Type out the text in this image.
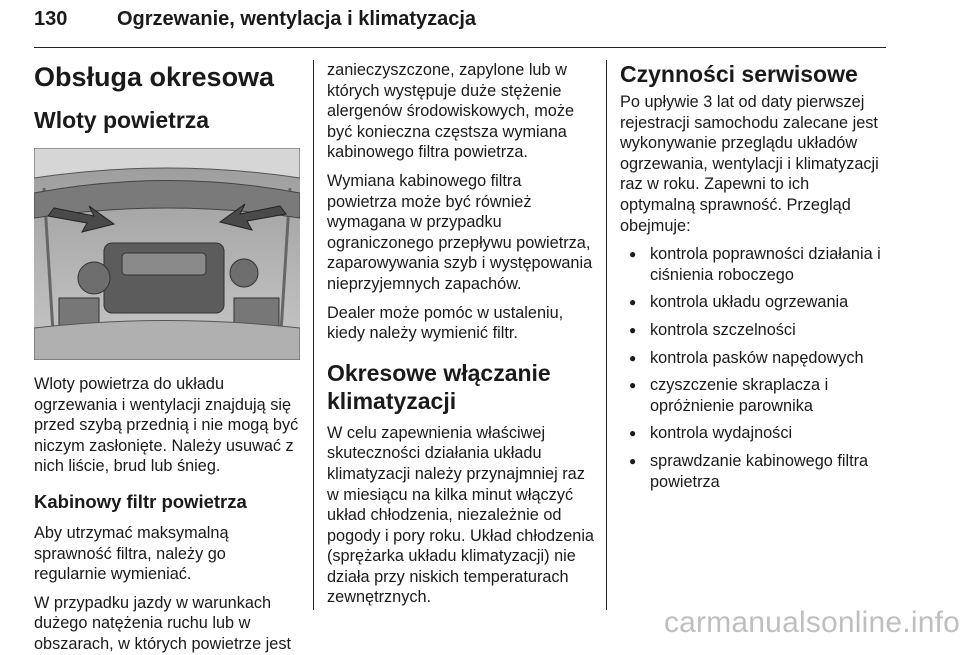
130 Ogrzewanie, wentylacja i klimatyzacja
Obsługa okresowa
Wloty powietrza

Wloty powietrza do układu ogrzewania i wentylacji znajdują się przed szybą przednią i nie mogą być niczym zasłonięte. Należy usuwać z nich liście, brud lub śnieg.

Kabinowy filtr powietrza

Aby utrzymać maksymalną sprawność filtra, należy go regularnie wymieniać.

W przypadku jazdy w warunkach dużego natężenia ruchu lub w obszarach, w których powietrze jest

zanieczyszczone, zapylone lub w których występuje duże stężenie alergenów środowiskowych, może być konieczna częstsza wymiana kabinowego filtra powietrza.

Wymiana kabinowego filtra powietrza może być również wymagana w przypadku ograniczonego przepływu powietrza, zaparowywania szyb i występowania nieprzyjemnych zapachów.

Dealer może pomóc w ustaleniu, kiedy należy wymienić filtr.

Okresowe włączanie klimatyzacji

W celu zapewnienia właściwej skuteczności działania układu klimatyzacji należy przynajmniej raz w miesiącu na kilka minut włączyć układ chłodzenia, niezależnie od pogody i pory roku. Układ chłodzenia (sprężarka układu klimatyzacji) nie działa przy niskich temperaturach zewnętrznych.

Czynności serwisowe

Po upływie 3 lat od daty pierwszej rejestracji samochodu zalecane jest wykonywanie przeglądu układów ogrzewania, wentylacji i klimatyzacji raz w roku. Zapewni to ich optymalną sprawność. Przegląd obejmuje:

● kontrola poprawności działania i ciśnienia roboczego
● kontrola układu ogrzewania
● kontrola szczelności
● kontrola pasków napędowych
● czyszczenie skraplacza i opróżnienie parownika
● kontrola wydajności
● sprawdzanie kabinowego filtra powietrza
carmanualsonline.info
